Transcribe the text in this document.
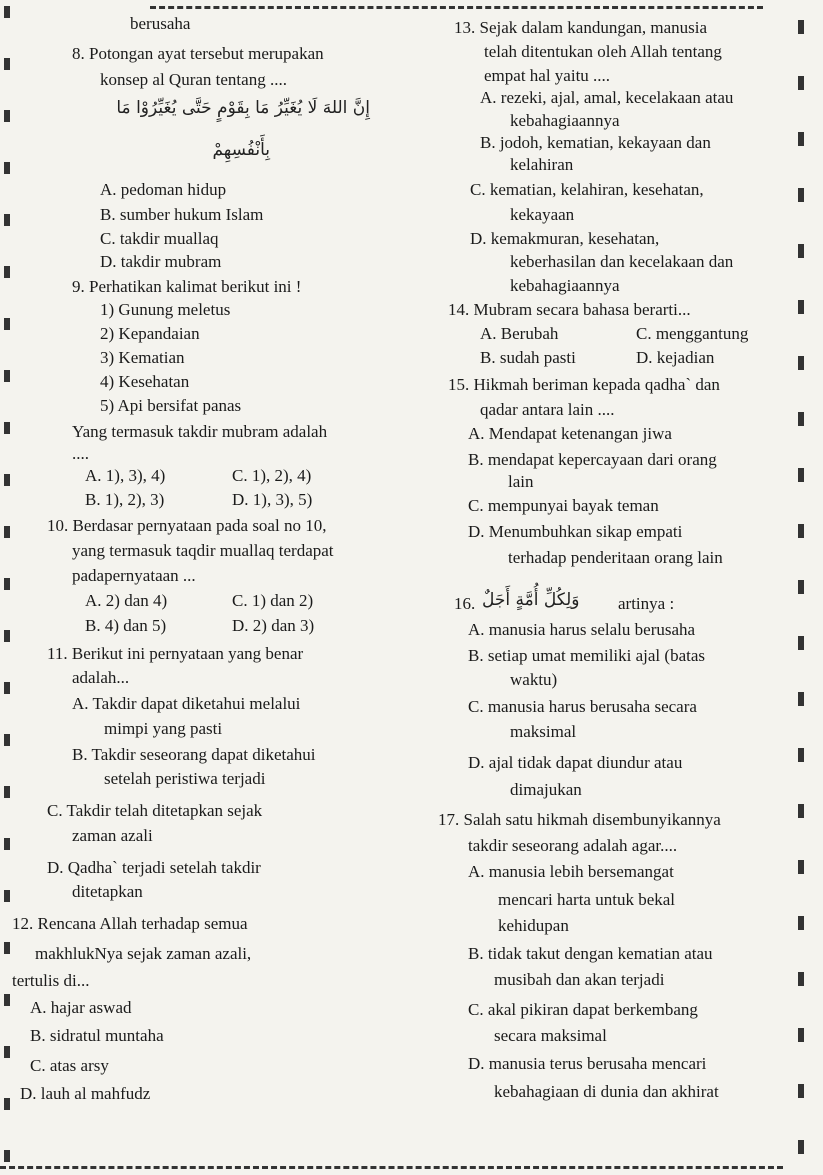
berusaha
8. Potongan ayat tersebut merupakan
konsep al Quran tentang ....
إِنَّ اللهَ لَا يُغَيِّرُ مَا بِقَوْمٍ حَتَّى يُغَيِّرُوْا مَا
بِأَنْفُسِهِمْ
A. pedoman hidup
B. sumber hukum Islam
C. takdir muallaq
D. takdir mubram
9. Perhatikan kalimat berikut ini !
1) Gunung meletus
2) Kepandaian
3) Kematian
4) Kesehatan
5) Api bersifat panas
Yang termasuk takdir mubram adalah
....
A. 1), 3), 4)	C. 1), 2), 4)
B. 1), 2), 3)	D. 1), 3), 5)
10. Berdasar pernyataan pada soal no 10,
yang termasuk taqdir muallaq terdapat
padapernyataan ...
A. 2) dan 4)	C. 1) dan 2)
B. 4) dan 5)	D. 2) dan 3)
11. Berikut ini pernyataan yang benar
adalah...
A. Takdir dapat diketahui melalui
mimpi yang pasti
B. Takdir seseorang dapat diketahui
setelah peristiwa terjadi
C. Takdir telah ditetapkan sejak
zaman azali
D. Qadha` terjadi setelah takdir
ditetapkan
12. Rencana Allah terhadap semua
makhlukNya sejak zaman azali,
tertulis di...
A. hajar aswad
B. sidratul muntaha
C. atas arsy
D. lauh al mahfudz
13. Sejak dalam kandungan, manusia
telah ditentukan oleh Allah tentang
empat hal yaitu ....
A. rezeki, ajal, amal, kecelakaan atau
kebahagiaannya
B. jodoh, kematian, kekayaan dan
kelahiran
C. kematian, kelahiran, kesehatan,
kekayaan
D. kemakmuran, kesehatan,
keberhasilan dan kecelakaan dan
kebahagiaannya
14. Mubram secara bahasa berarti...
A. Berubah	C. menggantung
B. sudah pasti	D. kejadian
15. Hikmah beriman kepada qadha` dan
qadar antara lain ....
A. Mendapat ketenangan jiwa
B. mendapat kepercayaan dari orang
lain
C. mempunyai bayak teman
D. Menumbuhkan sikap empati
terhadap penderitaan orang lain
16. وَلِكُلِّ أُمَّةٍ أَجَلٌ artinya :
A. manusia harus selalu berusaha
B. setiap umat memiliki ajal (batas
waktu)
C. manusia harus berusaha secara
maksimal
D. ajal tidak dapat diundur atau
dimajukan
17. Salah satu hikmah disembunyikannya
takdir seseorang adalah agar....
A. manusia lebih bersemangat
mencari harta untuk bekal
kehidupan
B. tidak takut dengan kematian atau
musibah dan akan terjadi
C. akal pikiran dapat berkembang
secara maksimal
D. manusia terus berusaha mencari
kebahagiaan di dunia dan akhirat
